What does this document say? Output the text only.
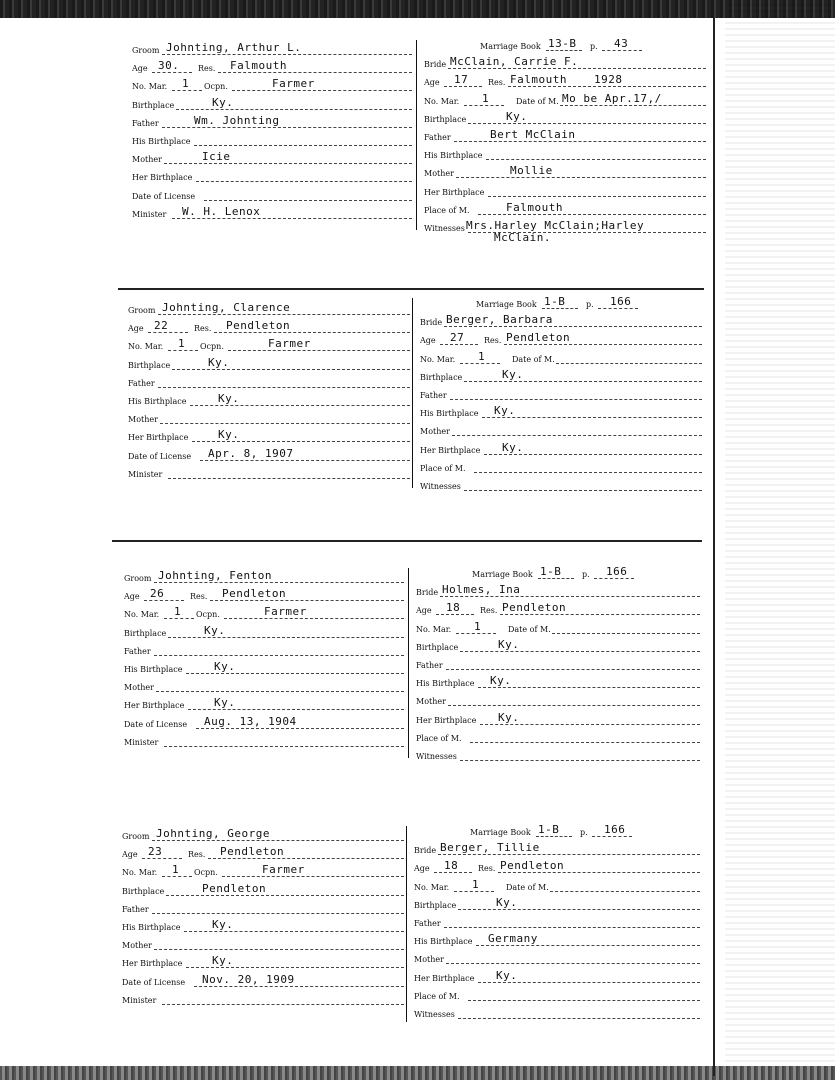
Groom Johnting, Arthur L.
Age 30. Res. Falmouth
No. Mar. 1 Ocpn.	Farmer
Birthplace	Ky.
Father	Wm. Johnting
His Birthplace
Mother	Icie
Her Birthplace
Date of License
Minister W. H. Lenox
Marriage Book 13-B p. 43
Bride McClain, Carrie F.
Age 17 Res. Falmouth 1928
No. Mar. 1	Date of M. Mo be Apr.17,/
Birthplace	Ky.
Father	Bert McClain
His Birthplace
Mother	Mollie
Her Birthplace
Place of M.	Falmouth
Witnesses Mrs.Harley McClain;Harley
McClain.
Groom Johnting, Clarence
Age 22	Res. Pendleton
No. Mar. 1 Ocpn.	Farmer
Birthplace	Ky.
Father
His Birthplace	Ky.
Mother
Her Birthplace	Ky.
Date of License Apr. 8, 1907
Minister
Marriage Book 1-B	p. 166
Bride Berger, Barbara
Age 27 Res. Pendleton
No. Mar. 1	Date of M.
Birthplace	Ky.
Father
His Birthplace Ky.
Mother
Her Birthplace Ky.
Place of M.
Witnesses
Groom Johnting, Fenton
Age 26	Res. Pendleton
No. Mar. 1 Ocpn.	Farmer
Birthplace	Ky.
Father
His Birthplace	Ky.
Mother
Her Birthplace	Ky.
Date of License Aug. 13, 1904
Minister
Marriage Book 1-B	p. 166
Bride Holmes, Ina
Age 18 Res. Pendleton
No. Mar. 1	Date of M.
Birthplace	Ky.
Father
His Birthplace Ky.
Mother
Her Birthplace Ky.
Place of M.
Witnesses
Groom Johnting, George
Age 23	Res. Pendleton
No. Mar. 1 Ocpn.	Farmer
Birthplace	Pendleton
Father
His Birthplace	Ky.
Mother
Her Birthplace	Ky.
Date of License Nov. 20, 1909
Minister
Marriage Book 1-B	p. 166
Bride Berger, Tillie
Age 18 Res. Pendleton
No. Mar. 1	Date of M.
Birthplace	Ky.
Father
His Birthplace Germany
Mother
Her Birthplace Ky.
Place of M.
Witnesses
